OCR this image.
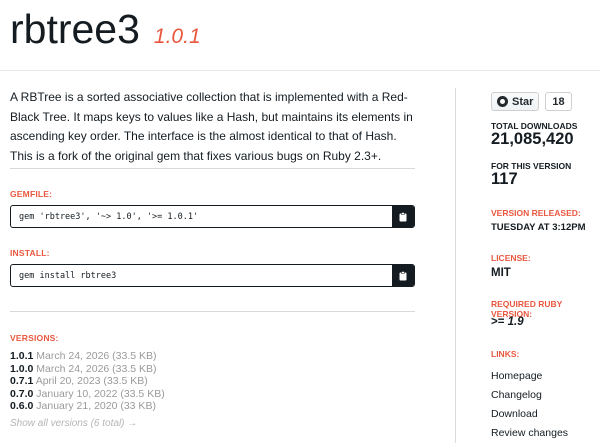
rbtree3 1.0.1

A RBTree is a sorted associative collection that is implemented with a Red-Black Tree. It maps keys to values like a Hash, but maintains its elements in ascending key order. The interface is the almost identical to that of Hash. This is a fork of the original gem that fixes various bugs on Ruby 2.3+.

GEMFILE:
gem 'rbtree3', '~> 1.0', '>= 1.0.1'
INSTALL:
gem install rbtree3
VERSIONS:
1.0.1 March 24, 2026 (33.5 KB)
1.0.0 March 24, 2026 (33.5 KB)
0.7.1 April 20, 2023 (33.5 KB)
0.7.0 January 10, 2022 (33.5 KB)
0.6.0 January 21, 2020 (33 KB)
Show all versions (6 total) →
Star	18
TOTAL DOWNLOADS
21,085,420
FOR THIS VERSION
117
VERSION RELEASED:
TUESDAY AT 3:12PM
LICENSE:
MIT
REQUIRED RUBY VERSION:
>= 1.9
LINKS:
Homepage
Changelog
Download
Review changes
